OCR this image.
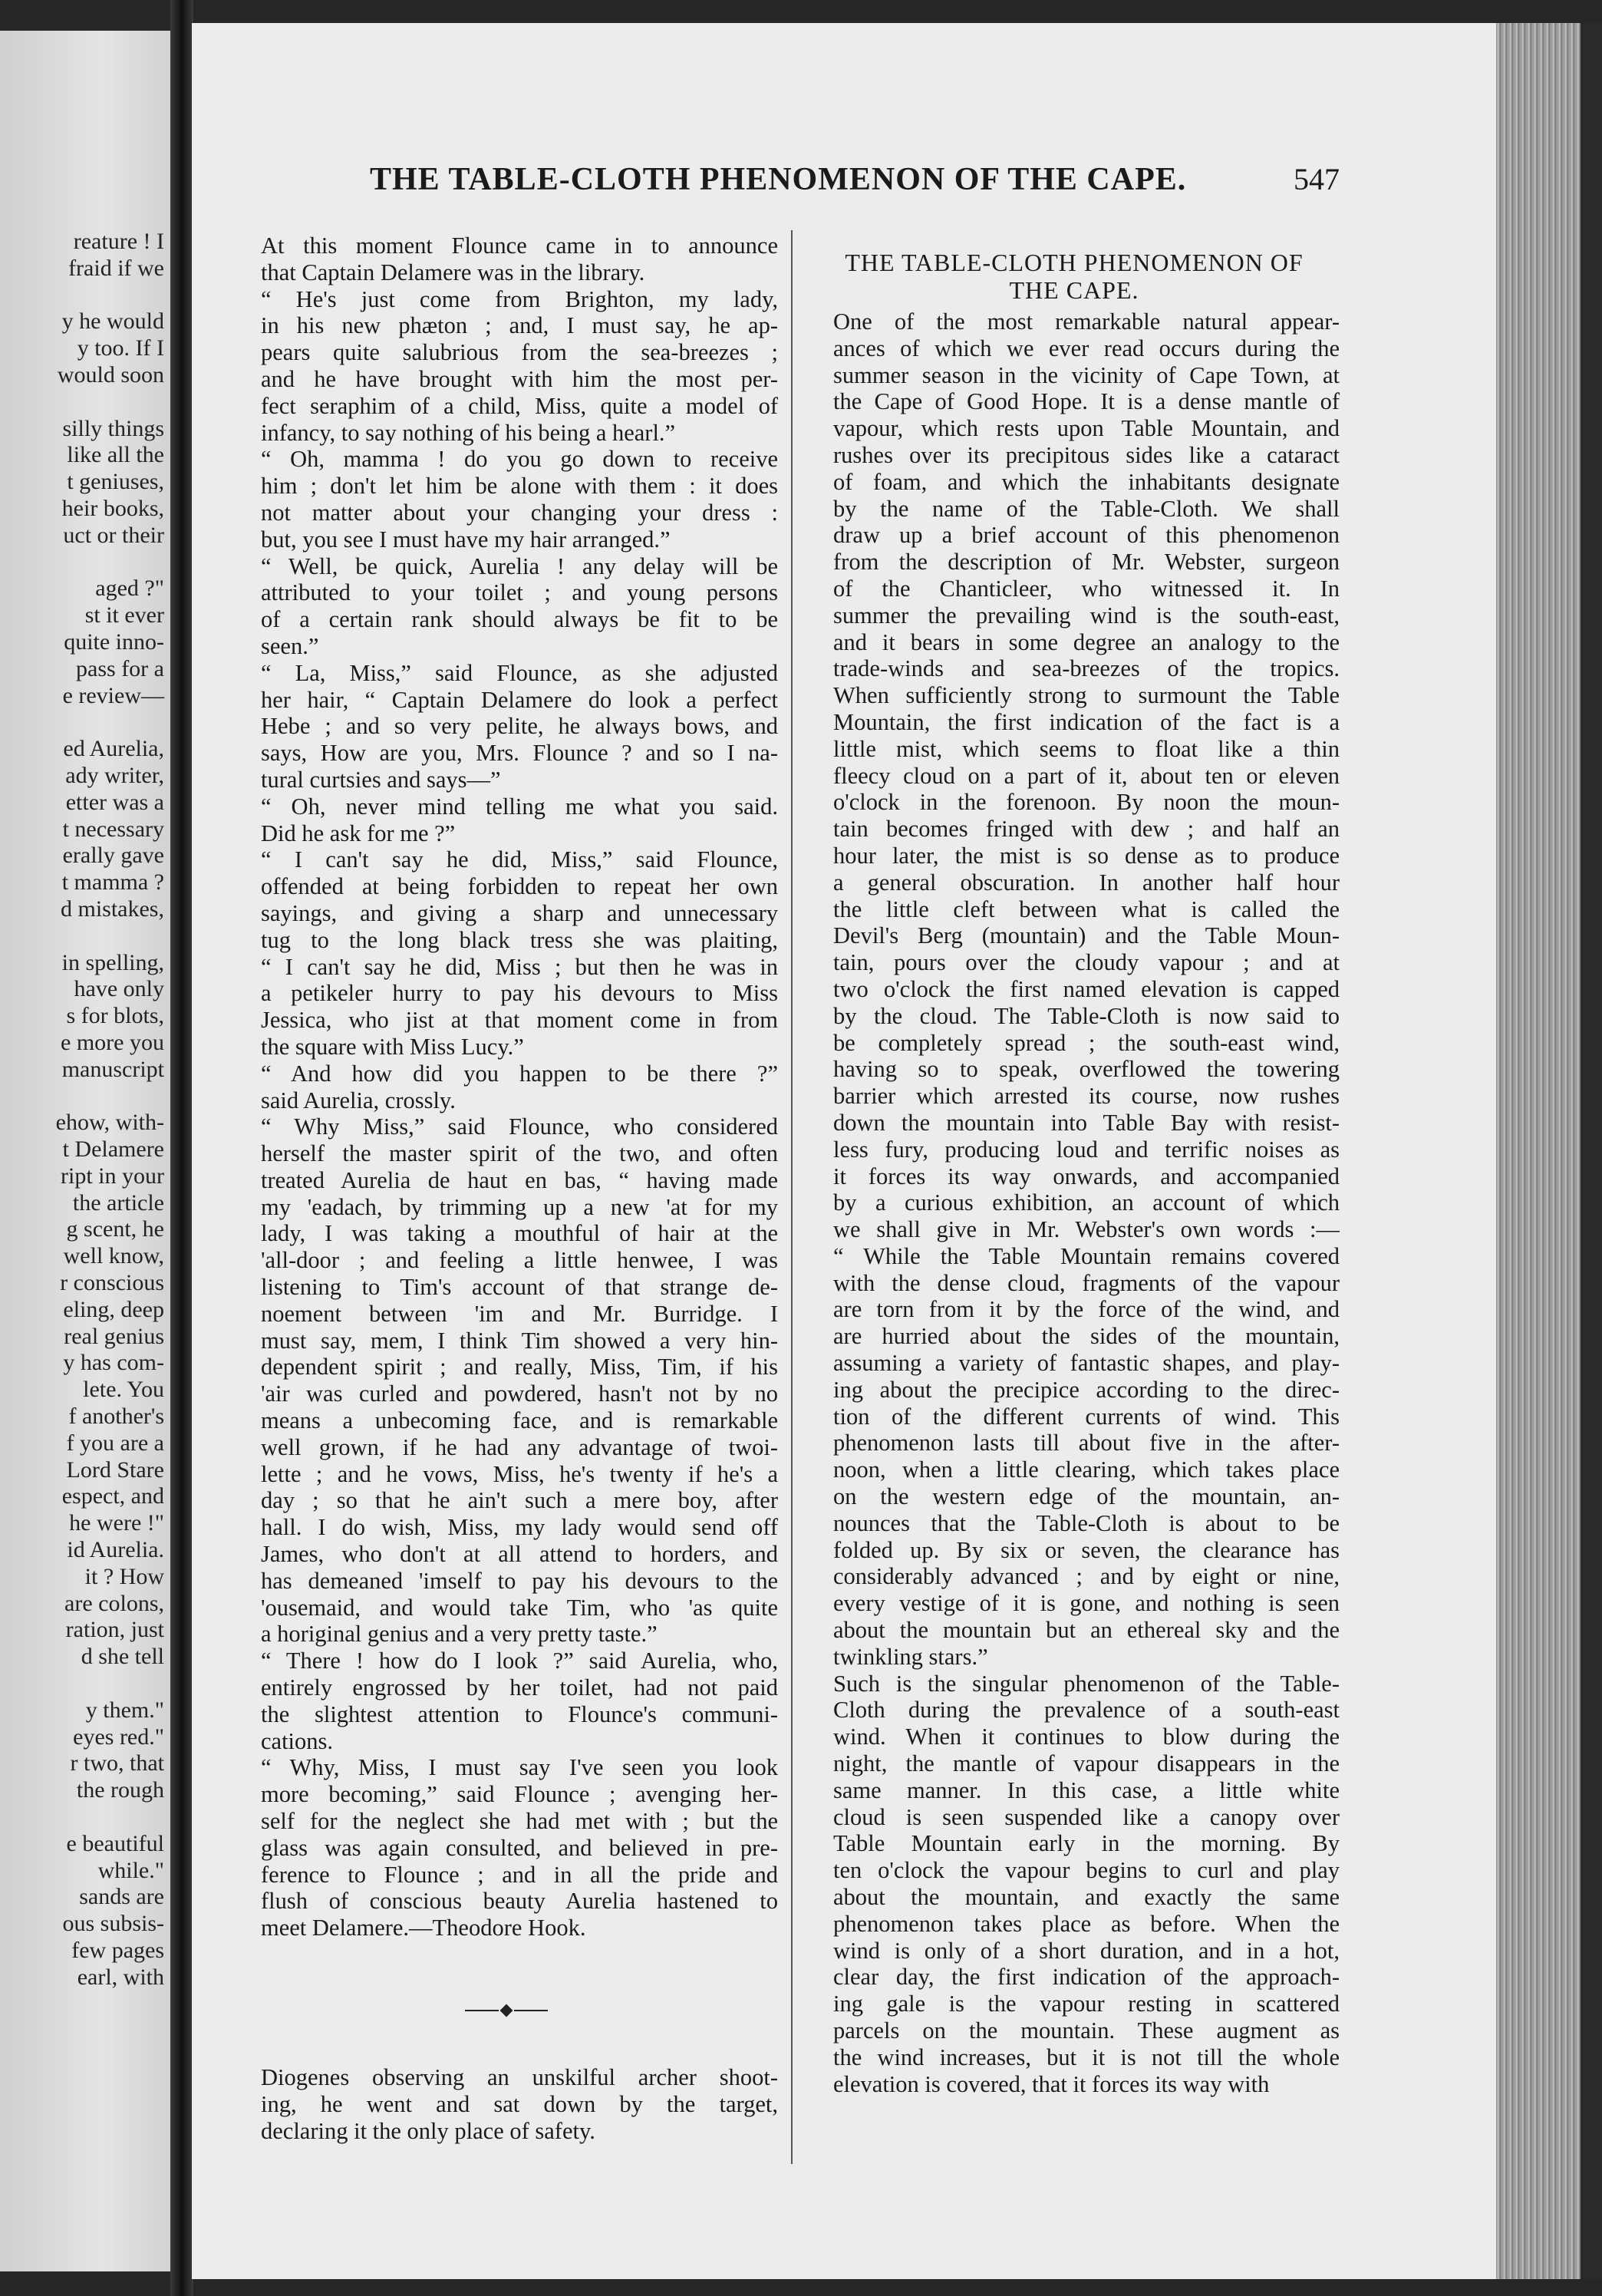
reature ! I
fraid if we
y he would
y too. If I
would soon
silly things
like all the
t geniuses,
heir books,
uct or their
aged ?"
st it ever
quite inno-
pass for a
e review—
ed Aurelia,
ady writer,
etter was a
t necessary
erally gave
t mamma ?
d mistakes,
in spelling,
have only
s for blots,
e more you
manuscript
ehow, with-
t Delamere
ript in your
the article
g scent, he
well know,
r conscious
eling, deep
real genius
y has com-
lete. You
f another's
f you are a
Lord Stare
espect, and
he were !"
id Aurelia.
it ? How
are colons,
ration, just
d she tell
y them."
eyes red."
r two, that
the rough
e beautiful
while."
sands are
ous subsis-
few pages
earl, with
THE TABLE-CLOTH PHENOMENON OF THE CAPE.	547

At this moment Flounce came in to announce
that Captain Delamere was in the library.

“ He's just come from Brighton, my lady,
in his new phæton ; and, I must say, he ap-
pears quite salubrious from the sea-breezes ;
and he have brought with him the most per-
fect seraphim of a child, Miss, quite a model of
infancy, to say nothing of his being a hearl.”

“ Oh, mamma ! do you go down to receive
him ; don't let him be alone with them : it does
not matter about your changing your dress :
but, you see I must have my hair arranged.”

“ Well, be quick, Aurelia ! any delay will be
attributed to your toilet ; and young persons
of a certain rank should always be fit to be
seen.”

“ La, Miss,” said Flounce, as she adjusted
her hair, “ Captain Delamere do look a perfect
Hebe ; and so very pelite, he always bows, and
says, How are you, Mrs. Flounce ? and so I na-
tural curtsies and says—”

“ Oh, never mind telling me what you said.
Did he ask for me ?”

“ I can't say he did, Miss,” said Flounce,
offended at being forbidden to repeat her own
sayings, and giving a sharp and unnecessary
tug to the long black tress she was plaiting,
“ I can't say he did, Miss ; but then he was in
a petikeler hurry to pay his devours to Miss
Jessica, who jist at that moment come in from
the square with Miss Lucy.”

“ And how did you happen to be there ?”
said Aurelia, crossly.

“ Why Miss,” said Flounce, who considered
herself the master spirit of the two, and often
treated Aurelia de haut en bas, “ having made
my 'eadach, by trimming up a new 'at for my
lady, I was taking a mouthful of hair at the
'all-door ; and feeling a little henwee, I was
listening to Tim's account of that strange de-
noement between 'im and Mr. Burridge. I
must say, mem, I think Tim showed a very hin-
dependent spirit ; and really, Miss, Tim, if his
'air was curled and powdered, hasn't not by no
means a unbecoming face, and is remarkable
well grown, if he had any advantage of twoi-
lette ; and he vows, Miss, he's twenty if he's a
day ; so that he ain't such a mere boy, after
hall. I do wish, Miss, my lady would send off
James, who don't at all attend to horders, and
has demeaned 'imself to pay his devours to the
'ousemaid, and would take Tim, who 'as quite
a horiginal genius and a very pretty taste.”

“ There ! how do I look ?” said Aurelia, who,
entirely engrossed by her toilet, had not paid
the slightest attention to Flounce's communi-
cations.

“ Why, Miss, I must say I've seen you look
more becoming,” said Flounce ; avenging her-
self for the neglect she had met with ; but the
glass was again consulted, and believed in pre-
ference to Flounce ; and in all the pride and
flush of conscious beauty Aurelia hastened to
meet Delamere.—Theodore Hook.

Diogenes observing an unskilful archer shoot-
ing, he went and sat down by the target,
declaring it the only place of safety.

THE TABLE-CLOTH PHENOMENON OF
THE CAPE.

One of the most remarkable natural appear-
ances of which we ever read occurs during the
summer season in the vicinity of Cape Town, at
the Cape of Good Hope. It is a dense mantle of
vapour, which rests upon Table Mountain, and
rushes over its precipitous sides like a cataract
of foam, and which the inhabitants designate
by the name of the Table-Cloth. We shall
draw up a brief account of this phenomenon
from the description of Mr. Webster, surgeon
of the Chanticleer, who witnessed it. In
summer the prevailing wind is the south-east,
and it bears in some degree an analogy to the
trade-winds and sea-breezes of the tropics.
When sufficiently strong to surmount the Table
Mountain, the first indication of the fact is a
little mist, which seems to float like a thin
fleecy cloud on a part of it, about ten or eleven
o'clock in the forenoon. By noon the moun-
tain becomes fringed with dew ; and half an
hour later, the mist is so dense as to produce
a general obscuration. In another half hour
the little cleft between what is called the
Devil's Berg (mountain) and the Table Moun-
tain, pours over the cloudy vapour ; and at
two o'clock the first named elevation is capped
by the cloud. The Table-Cloth is now said to
be completely spread ; the south-east wind,
having so to speak, overflowed the towering
barrier which arrested its course, now rushes
down the mountain into Table Bay with resist-
less fury, producing loud and terrific noises as
it forces its way onwards, and accompanied
by a curious exhibition, an account of which
we shall give in Mr. Webster's own words :—
“ While the Table Mountain remains covered
with the dense cloud, fragments of the vapour
are torn from it by the force of the wind, and
are hurried about the sides of the mountain,
assuming a variety of fantastic shapes, and play-
ing about the precipice according to the direc-
tion of the different currents of wind. This
phenomenon lasts till about five in the after-
noon, when a little clearing, which takes place
on the western edge of the mountain, an-
nounces that the Table-Cloth is about to be
folded up. By six or seven, the clearance has
considerably advanced ; and by eight or nine,
every vestige of it is gone, and nothing is seen
about the mountain but an ethereal sky and the
twinkling stars.”

Such is the singular phenomenon of the Table-
Cloth during the prevalence of a south-east
wind. When it continues to blow during the
night, the mantle of vapour disappears in the
same manner. In this case, a little white
cloud is seen suspended like a canopy over
Table Mountain early in the morning. By
ten o'clock the vapour begins to curl and play
about the mountain, and exactly the same
phenomenon takes place as before. When the
wind is only of a short duration, and in a hot,
clear day, the first indication of the approach-
ing gale is the vapour resting in scattered
parcels on the mountain. These augment as
the wind increases, but it is not till the whole
elevation is covered, that it forces its way with
